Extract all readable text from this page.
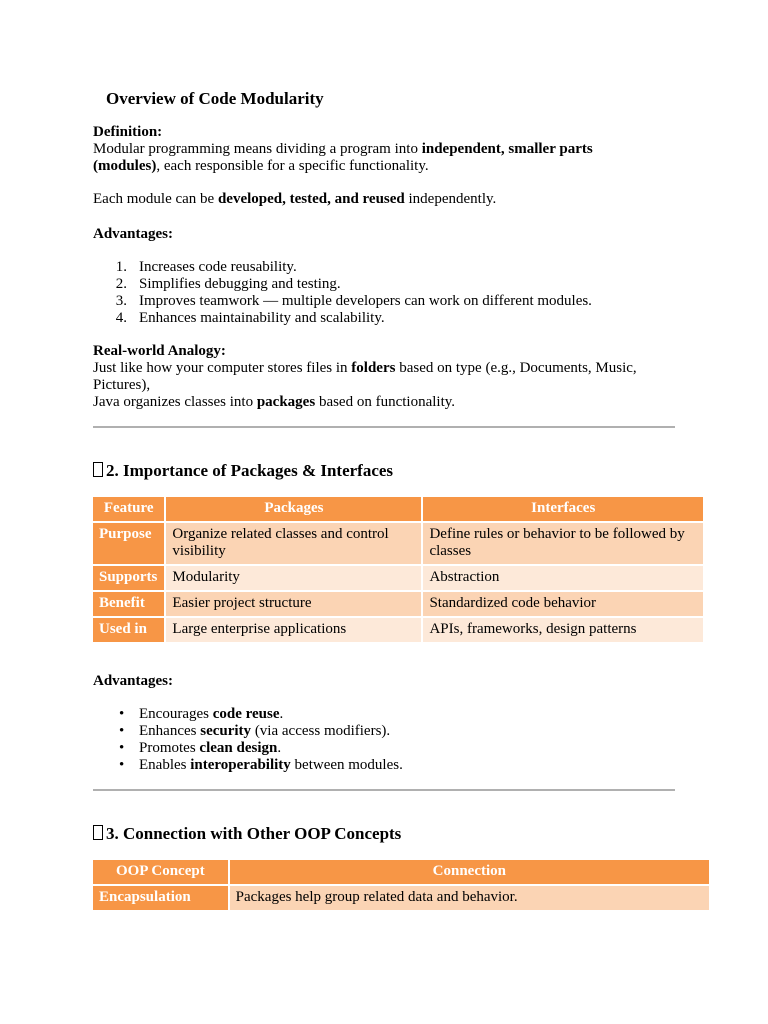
Overview of Code Modularity

Definition:

Modular programming means dividing a program into independent, smaller parts (modules), each responsible for a specific functionality.

Each module can be developed, tested, and reused independently.

Advantages:

1. Increases code reusability.
2. Simplifies debugging and testing.
3. Improves teamwork — multiple developers can work on different modules.
4. Enhances maintainability and scalability.

Real-world Analogy:

Just like how your computer stores files in folders based on type (e.g., Documents, Music, Pictures),

Java organizes classes into packages based on functionality.

2. Importance of Packages & Interfaces
Feature	Packages	Interfaces
Purpose	Organize related classes and control visibility	Define rules or behavior to be followed by classes
Supports	Modularity	Abstraction
Benefit	Easier project structure	Standardized code behavior
Used in	Large enterprise applications	APIs, frameworks, design patterns

Advantages:

• Encourages code reuse.
• Enhances security (via access modifiers).
• Promotes clean design.
• Enables interoperability between modules.
3. Connection with Other OOP Concepts
OOP Concept	Connection
Encapsulation	Packages help group related data and behavior.
